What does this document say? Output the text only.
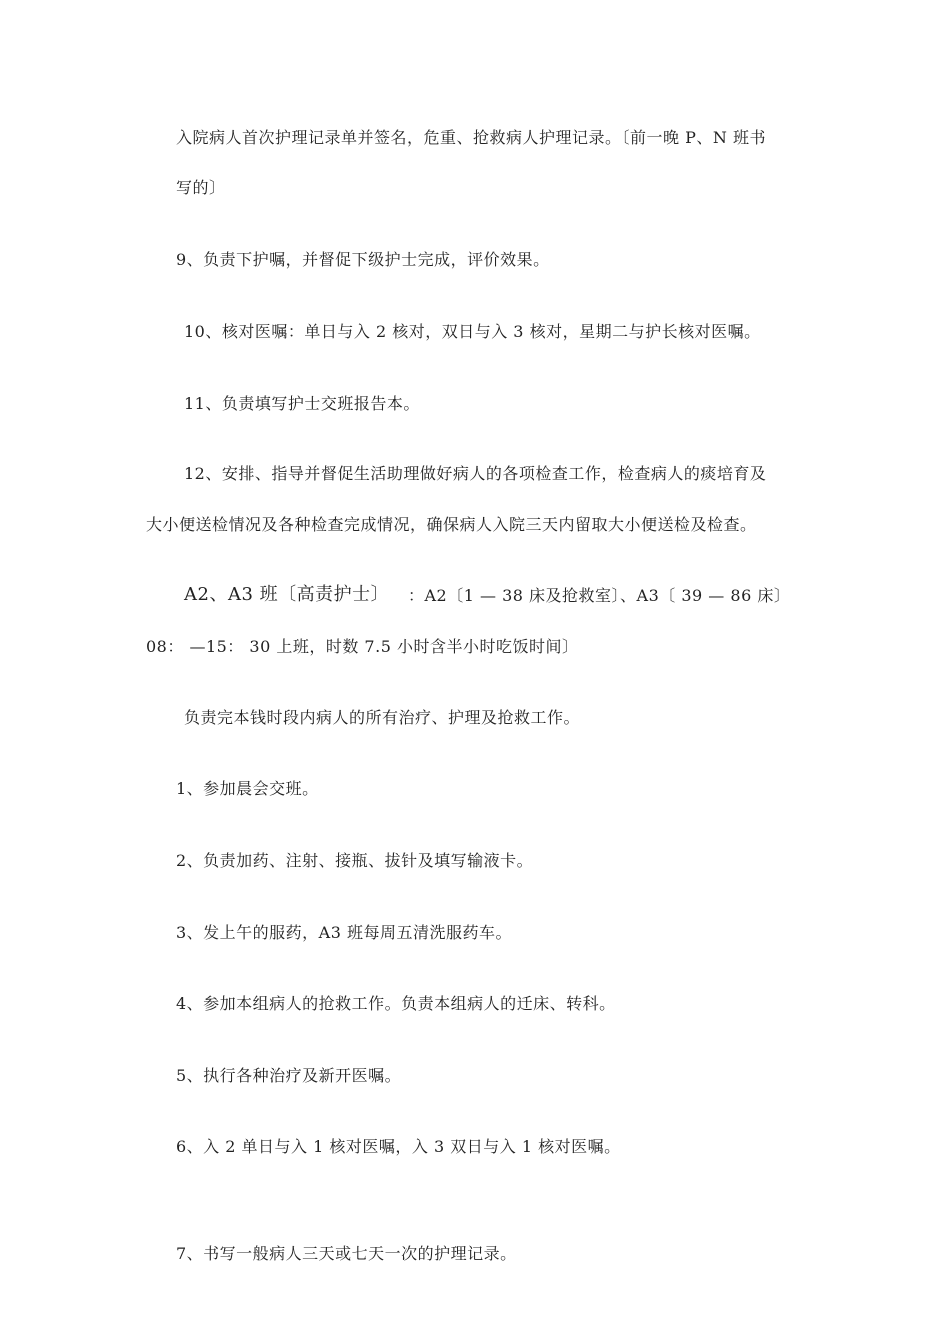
入院病人首次护理记录单并签名，危重、抢救病人护理记录。〔前一晚 P、N 班书
写的〕
9、负责下护嘱，并督促下级护士完成，评价效果。
10、核对医嘱：单日与入 2 核对，双日与入 3 核对，星期二与护长核对医嘱。
11、负责填写护士交班报告本。
12、安排、指导并督促生活助理做好病人的各项检查工作，检查病人的痰培育及
大小便送检情况及各种检查完成情况，确保病人入院三天内留取大小便送检及检查。
A2、A3 班〔高责护士〕 ：A2〔1 — 38 床及抢救室〕、A3〔 39 — 86 床〕
08： —15： 30 上班，时数 7.5 小时含半小时吃饭时间〕
负责完本钱时段内病人的所有治疗、护理及抢救工作。
1、参加晨会交班。
2、负责加药、注射、接瓶、拔针及填写输液卡。
3、发上午的服药，A3 班每周五清洗服药车。
4、参加本组病人的抢救工作。负责本组病人的迁床、转科。
5、执行各种治疗及新开医嘱。
6、入 2 单日与入 1 核对医嘱，入 3 双日与入 1 核对医嘱。
7、书写一般病人三天或七天一次的护理记录。
